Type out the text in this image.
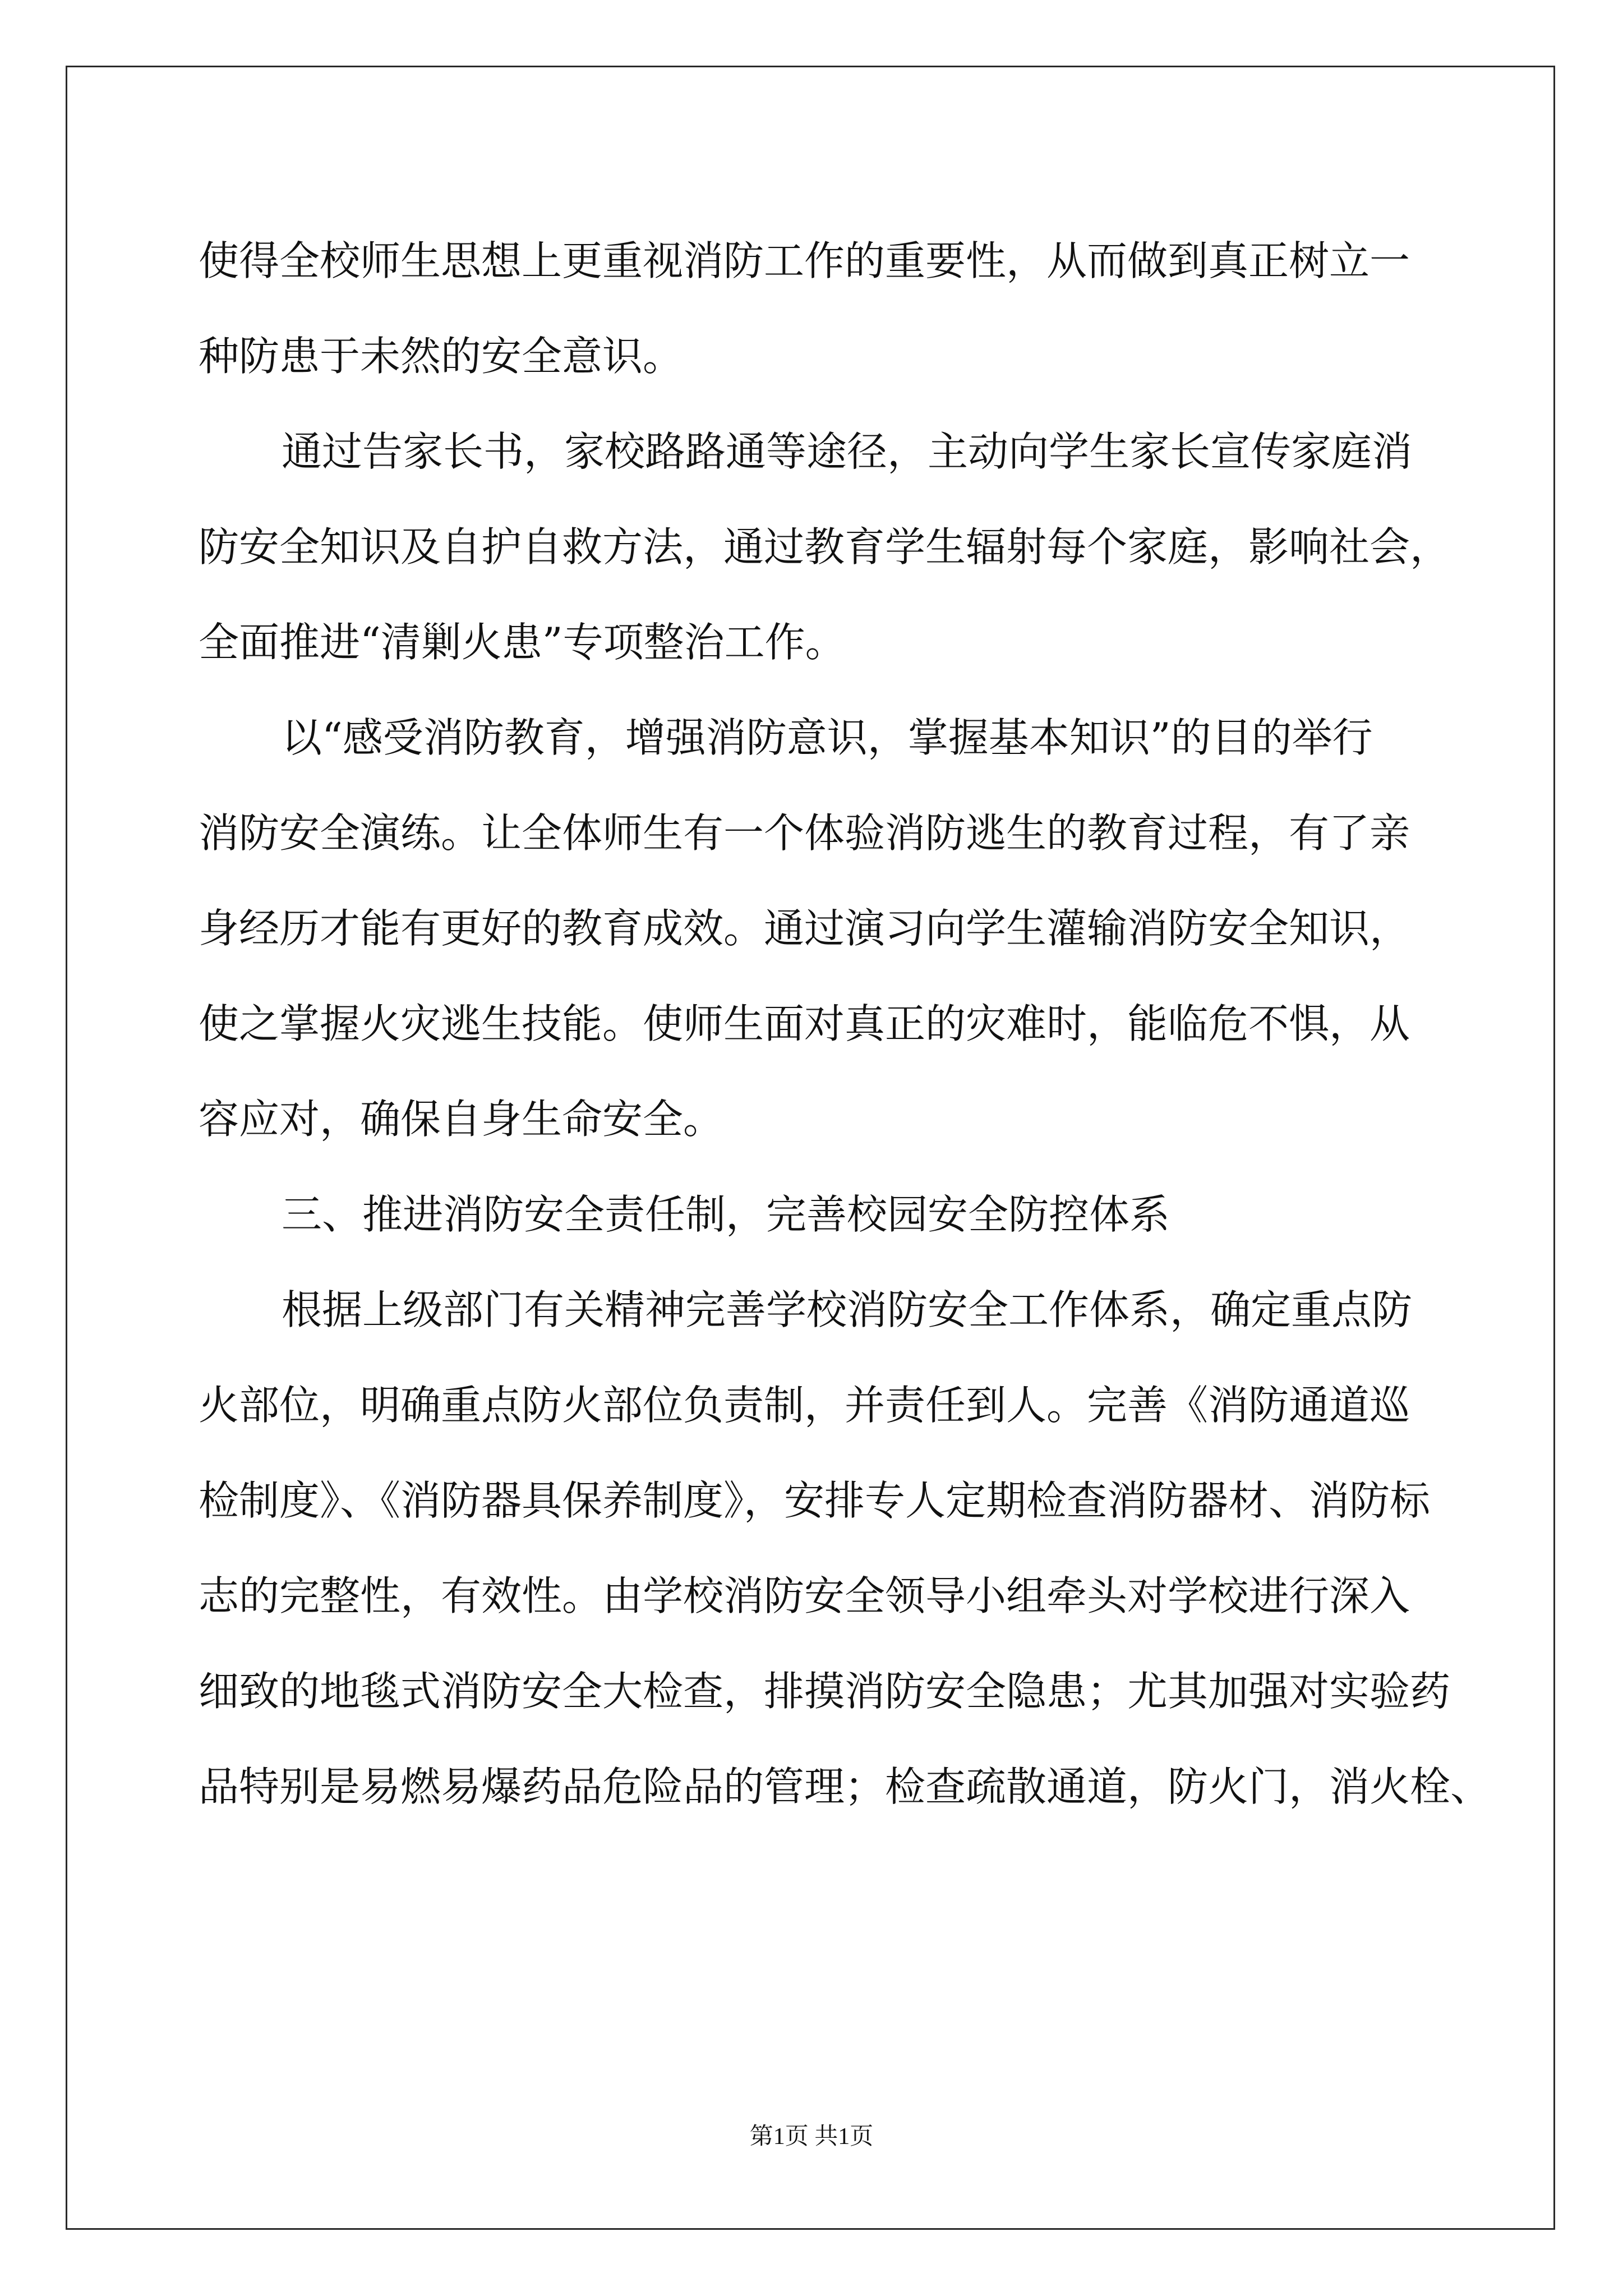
使得全校师生思想上更重视消防工作的重要性，从而做到真正树立一
种防患于未然的安全意识。
通过告家长书，家校路路通等途径，主动向学生家长宣传家庭消
防安全知识及自护自救方法，通过教育学生辐射每个家庭，影响社会，
全面推进“清剿火患”专项整治工作。
以“感受消防教育，增强消防意识，掌握基本知识”的目的举行
消防安全演练。让全体师生有一个体验消防逃生的教育过程，有了亲
身经历才能有更好的教育成效。通过演习向学生灌输消防安全知识，
使之掌握火灾逃生技能。使师生面对真正的灾难时，能临危不惧，从
容应对，确保自身生命安全。
三、推进消防安全责任制，完善校园安全防控体系
根据上级部门有关精神完善学校消防安全工作体系，确定重点防
火部位，明确重点防火部位负责制，并责任到人。完善《消防通道巡
检制度》、《消防器具保养制度》，安排专人定期检查消防器材、消防标
志的完整性，有效性。由学校消防安全领导小组牵头对学校进行深入
细致的地毯式消防安全大检查，排摸消防安全隐患；尤其加强对实验药
品特别是易燃易爆药品危险品的管理；检查疏散通道，防火门，消火栓、
第1页 共1页
